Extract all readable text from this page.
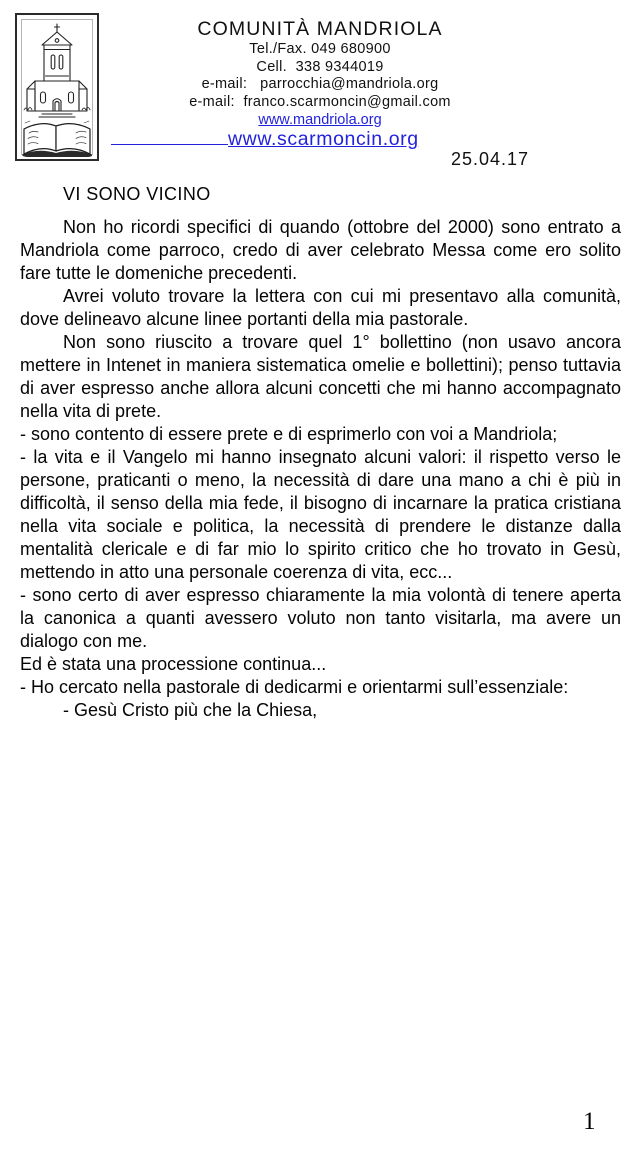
COMUNITÀ MANDRIOLA
Tel./Fax. 049 680900
Cell.  338 9344019
e-mail:   parrocchia@mandriola.org
e-mail:  franco.scarmoncin@gmail.com
www.mandriola.org
www.scarmoncin.org
25.04.17

VI SONO VICINO

Non ho ricordi specifici di quando (ottobre del 2000) sono entrato a Mandriola come parroco, credo di aver celebrato Messa come ero solito fare tutte le domeniche precedenti.

Avrei voluto trovare la lettera con cui mi presentavo alla comunità, dove delineavo alcune linee portanti della mia pastorale.

Non sono riuscito a trovare quel 1° bollettino (non usavo ancora mettere in Intenet in maniera sistematica omelie e bollettini); penso tuttavia di aver espresso anche allora alcuni concetti che mi hanno accompagnato nella vita di prete.

- sono contento di essere prete e di esprimerlo con voi a Mandriola;

- la vita e il Vangelo mi hanno insegnato alcuni valori: il rispetto verso le persone, praticanti o meno, la necessità di dare una mano a chi è più in difficoltà, il senso della mia fede, il bisogno di incarnare la pratica cristiana nella vita sociale e politica, la necessità di prendere le distanze dalla mentalità clericale e di far mio lo spirito critico che ho trovato in Gesù, mettendo in atto una personale coerenza di vita, ecc...

- sono certo di aver espresso chiaramente la mia volontà di tenere aperta la canonica a quanti avessero voluto non tanto visitarla, ma avere un dialogo con me.

Ed è stata una processione continua...

- Ho cercato nella pastorale di dedicarmi e orientarmi sull’essenziale:

- Gesù Cristo più che la Chiesa,

1
